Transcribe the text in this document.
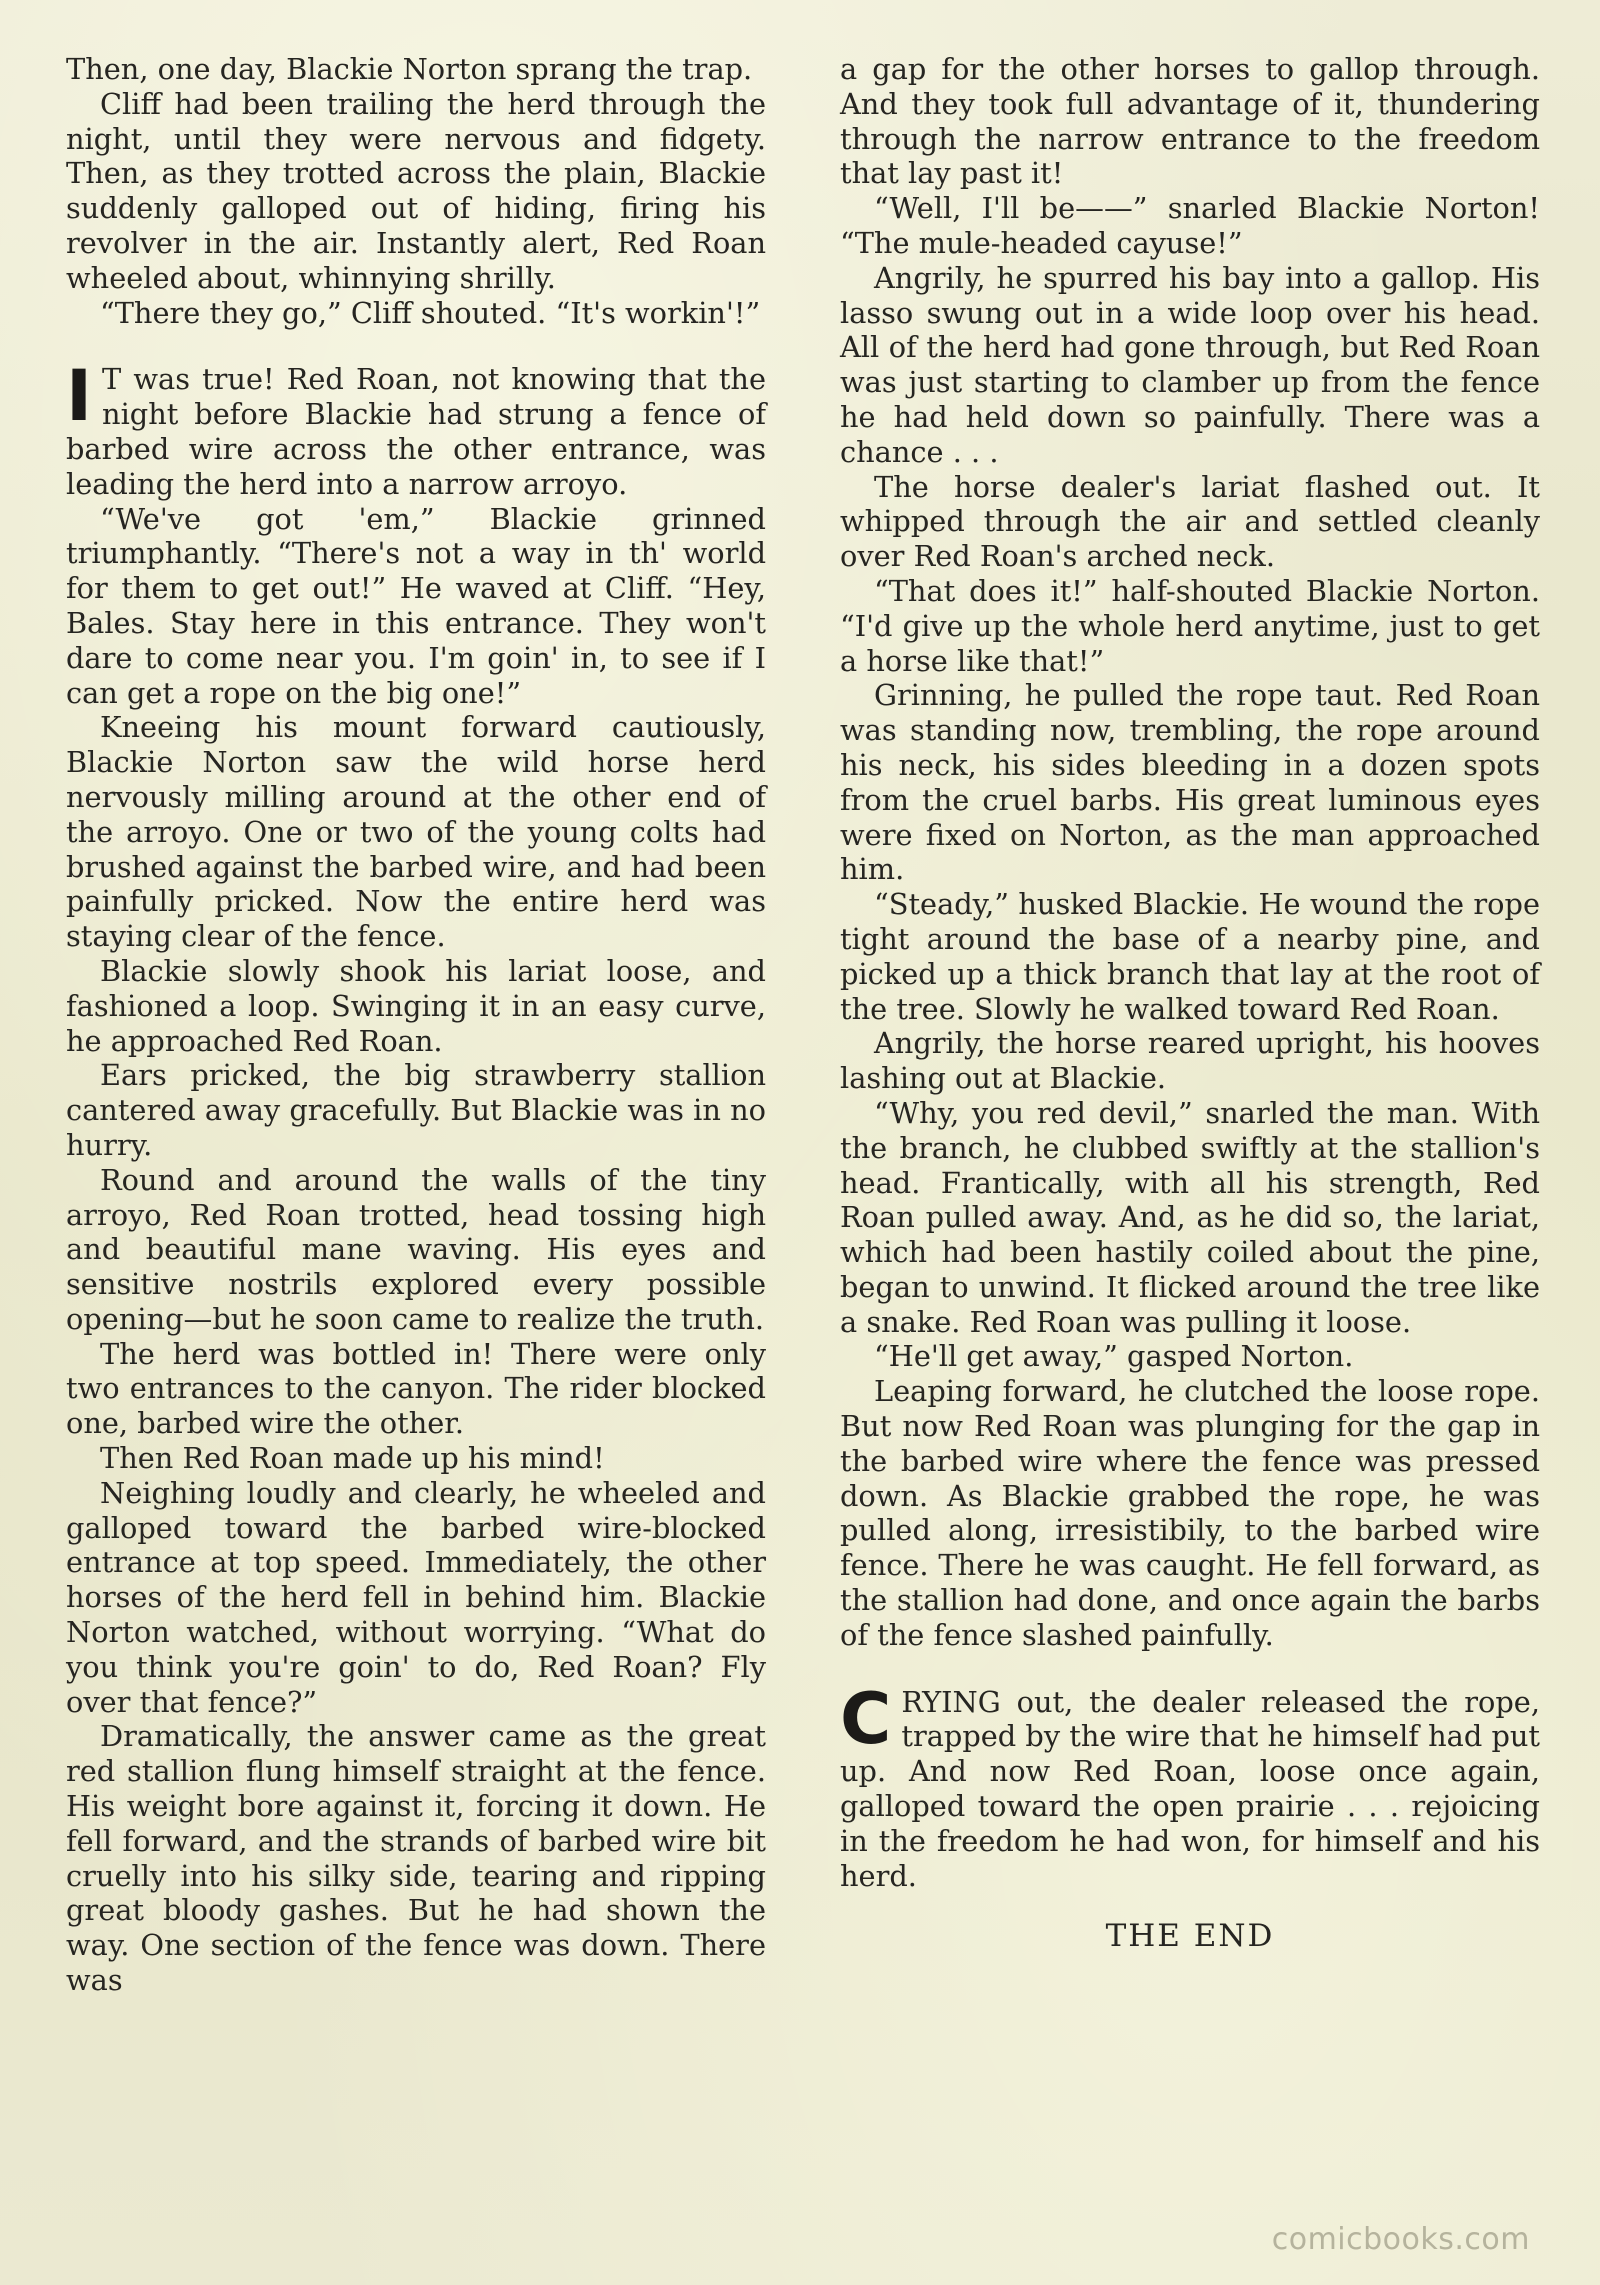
Then, one day, Blackie Norton sprang the trap.

Cliff had been trailing the herd through the night, until they were nervous and fidgety. Then, as they trotted across the plain, Blackie suddenly galloped out of hiding, firing his revolver in the air. Instantly alert, Red Roan wheeled about, whinnying shrilly.

“There they go,” Cliff shouted. “It's workin'!”

I T was true! Red Roan, not knowing that the night before Blackie had strung a fence of barbed wire across the other entrance, was leading the herd into a narrow arroyo.

“We've got 'em,” Blackie grinned triumphantly. “There's not a way in th' world for them to get out!” He waved at Cliff. “Hey, Bales. Stay here in this entrance. They won't dare to come near you. I'm goin' in, to see if I can get a rope on the big one!”

Kneeing his mount forward cautiously, Blackie Norton saw the wild horse herd nervously milling around at the other end of the arroyo. One or two of the young colts had brushed against the barbed wire, and had been painfully pricked. Now the entire herd was staying clear of the fence.

Blackie slowly shook his lariat loose, and fashioned a loop. Swinging it in an easy curve, he approached Red Roan.

Ears pricked, the big strawberry stallion cantered away gracefully. But Blackie was in no hurry.

Round and around the walls of the tiny arroyo, Red Roan trotted, head tossing high and beautiful mane waving. His eyes and sensitive nostrils explored every possible opening—but he soon came to realize the truth.

The herd was bottled in! There were only two entrances to the canyon. The rider blocked one, barbed wire the other.

Then Red Roan made up his mind!

Neighing loudly and clearly, he wheeled and galloped toward the barbed wire-blocked entrance at top speed. Immediately, the other horses of the herd fell in behind him. Blackie Norton watched, without worrying. “What do you think you're goin' to do, Red Roan? Fly over that fence?”

Dramatically, the answer came as the great red stallion flung himself straight at the fence. His weight bore against it, forcing it down. He fell forward, and the strands of barbed wire bit cruelly into his silky side, tearing and ripping great bloody gashes. But he had shown the way. One section of the fence was down. There was

a gap for the other horses to gallop through. And they took full advantage of it, thundering through the narrow entrance to the freedom that lay past it!

“Well, I'll be——” snarled Blackie Norton! “The mule-headed cayuse!”

Angrily, he spurred his bay into a gallop. His lasso swung out in a wide loop over his head. All of the herd had gone through, but Red Roan was just starting to clamber up from the fence he had held down so painfully. There was a chance . . .

The horse dealer's lariat flashed out. It whipped through the air and settled cleanly over Red Roan's arched neck.

“That does it!” half-shouted Blackie Norton. “I'd give up the whole herd anytime, just to get a horse like that!”

Grinning, he pulled the rope taut. Red Roan was standing now, trembling, the rope around his neck, his sides bleeding in a dozen spots from the cruel barbs. His great luminous eyes were fixed on Norton, as the man approached him.

“Steady,” husked Blackie. He wound the rope tight around the base of a nearby pine, and picked up a thick branch that lay at the root of the tree. Slowly he walked toward Red Roan.

Angrily, the horse reared upright, his hooves lashing out at Blackie.

“Why, you red devil,” snarled the man. With the branch, he clubbed swiftly at the stallion's head. Frantically, with all his strength, Red Roan pulled away. And, as he did so, the lariat, which had been hastily coiled about the pine, began to unwind. It flicked around the tree like a snake. Red Roan was pulling it loose.

“He'll get away,” gasped Norton.

Leaping forward, he clutched the loose rope. But now Red Roan was plunging for the gap in the barbed wire where the fence was pressed down. As Blackie grabbed the rope, he was pulled along, irresistibily, to the barbed wire fence. There he was caught. He fell forward, as the stallion had done, and once again the barbs of the fence slashed painfully.

CRYING out, the dealer released the rope, trapped by the wire that he himself had put up. And now Red Roan, loose once again, galloped toward the open prairie . . . rejoicing in the freedom he had won, for himself and his herd.

THE END
comicbooks.com
